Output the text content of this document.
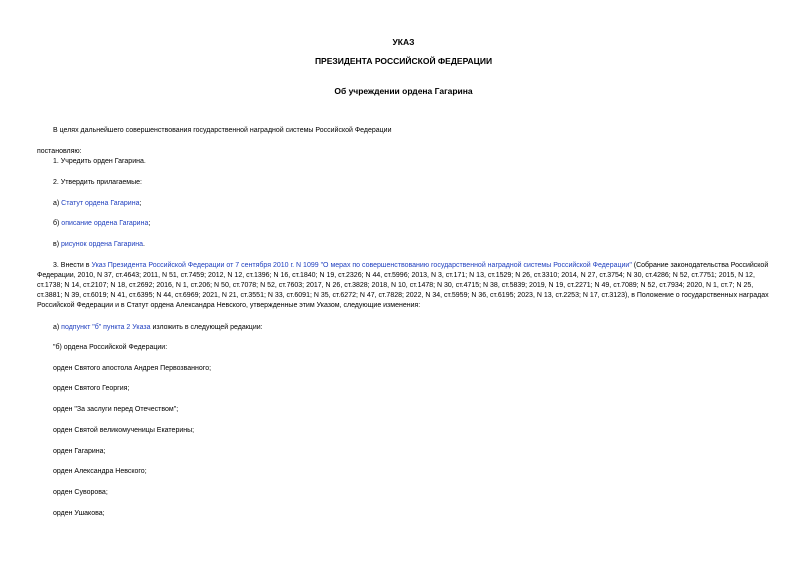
УКАЗ
ПРЕЗИДЕНТА РОССИЙСКОЙ ФЕДЕРАЦИИ
Об учреждении ордена Гагарина
В целях дальнейшего совершенствования государственной наградной системы Российской Федерации
постановляю:
1. Учредить орден Гагарина.
2. Утвердить прилагаемые:
а) Статут ордена Гагарина;
б) описание ордена Гагарина;
в) рисунок ордена Гагарина.
3. Внести в Указ Президента Российской Федерации от 7 сентября 2010 г. N 1099 "О мерах по совершенствованию государственной наградной системы Российской Федерации" (Собрание законодательства Российской Федерации, 2010, N 37, ст.4643; 2011, N 51, ст.7459; 2012, N 12, ст.1396; N 16, ст.1840; N 19, ст.2326; N 44, ст.5996; 2013, N 3, ст.171; N 13, ст.1529; N 26, ст.3310; 2014, N 27, ст.3754; N 30, ст.4286; N 52, ст.7751; 2015, N 12, ст.1738; N 14, ст.2107; N 18, ст.2692; 2016, N 1, ст.206; N 50, ст.7078; N 52, ст.7603; 2017, N 26, ст.3828; 2018, N 10, ст.1478; N 30, ст.4715; N 38, ст.5839; 2019, N 19, ст.2271; N 49, ст.7089; N 52, ст.7934; 2020, N 1, ст.7; N 25, ст.3881; N 39, ст.6019; N 41, ст.6395; N 44, ст.6969; 2021, N 21, ст.3551; N 33, ст.6091; N 35, ст.6272; N 47, ст.7828; 2022, N 34, ст.5959; N 36, ст.6195; 2023, N 13, ст.2253; N 17, ст.3123), в Положение о государственных наградах Российской Федерации и в Статут ордена Александра Невского, утвержденные этим Указом, следующие изменения:
а) подпункт "б" пункта 2 Указа изложить в следующей редакции:
"б) ордена Российской Федерации:
орден Святого апостола Андрея Первозванного;
орден Святого Георгия;
орден "За заслуги перед Отечеством";
орден Святой великомученицы Екатерины;
орден Гагарина;
орден Александра Невского;
орден Суворова;
орден Ушакова;
